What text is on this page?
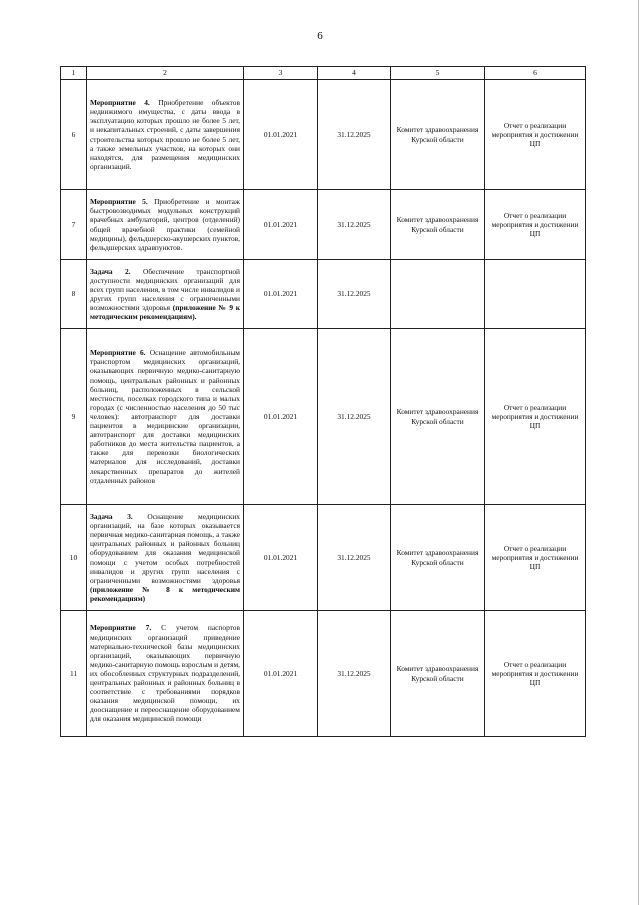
6
1	2	3	4	5	6
6	Мероприятие 4. Приобретение объектов недвижимого имущества, с даты ввода в эксплуатацию которых прошло не более 5 лет, и некапитальных строений, с даты завершения строительства которых прошло не более 5 лет, а также земельных участков, на которых они находятся, для размещения медицинских организаций.	01.01.2021	31.12.2025	Комитет здравоохранения Курской области	Отчет о реализации мероприятия и достижении ЦП
7	Мероприятие 5. Приобретение и монтаж быстровозводимых модульных конструкций врачебных амбулаторий, центров (отделений) общей врачебной практики (семейной медицины), фельдшерско-акушерских пунктов, фельдшерских здравпунктов.	01.01.2021	31.12.2025	Комитет здравоохранения Курской области	Отчет о реализации мероприятия и достижении ЦП
8	Задача 2. Обеспечение транспортной доступности медицинских организаций для всех групп населения, в том числе инвалидов и других групп населения с ограниченными возможностями здоровья (приложение № 9 к методическим рекомендациям).	01.01.2021	31.12.2025		
9	Мероприятие 6. Оснащение автомобильным транспортом медицинских организаций, оказывающих первичную медико-санитарную помощь, центральных районных и районных больниц, расположенных в сельской местности, поселках городского типа и малых городах (с численностью населения до 50 тыс человек): автотранспорт для доставки пациентов в медицинские организации, автотранспорт для доставки медицинских работников до места жительства пациентов, а также для перевозки биологических материалов для исследований, доставки лекарственных препаратов до жителей отдаленных районов	01.01.2021	31.12.2025	Комитет здравоохранения Курской области	Отчет о реализации мероприятия и достижении ЦП
10	Задача 3. Оснащение медицинских организаций, на базе которых оказывается первичная медико-санитарная помощь, а также центральных районных и районных больниц оборудованием для оказания медицинской помощи с учетом особых потребностей инвалидов и других групп населения с ограниченными возможностями здоровья (приложение № 8 к методическим рекомендациям)	01.01.2021	31.12.2025	Комитет здравоохранения Курской области	Отчет о реализации мероприятия и достижении ЦП
11	Мероприятие 7. С учетом паспортов медицинских организаций приведение материально-технической базы медицинских организаций, оказывающих первичную медико-санитарную помощь взрослым и детям, их обособленных структурных подразделений, центральных районных и районных больниц в соответствие с требованиями порядков оказания медицинской помощи, их дооснащение и переоснащение оборудованием для оказания медицинской помощи	01.01.2021	31.12.2025	Комитет здравоохранения Курской области	Отчет о реализации мероприятия и достижении ЦП
